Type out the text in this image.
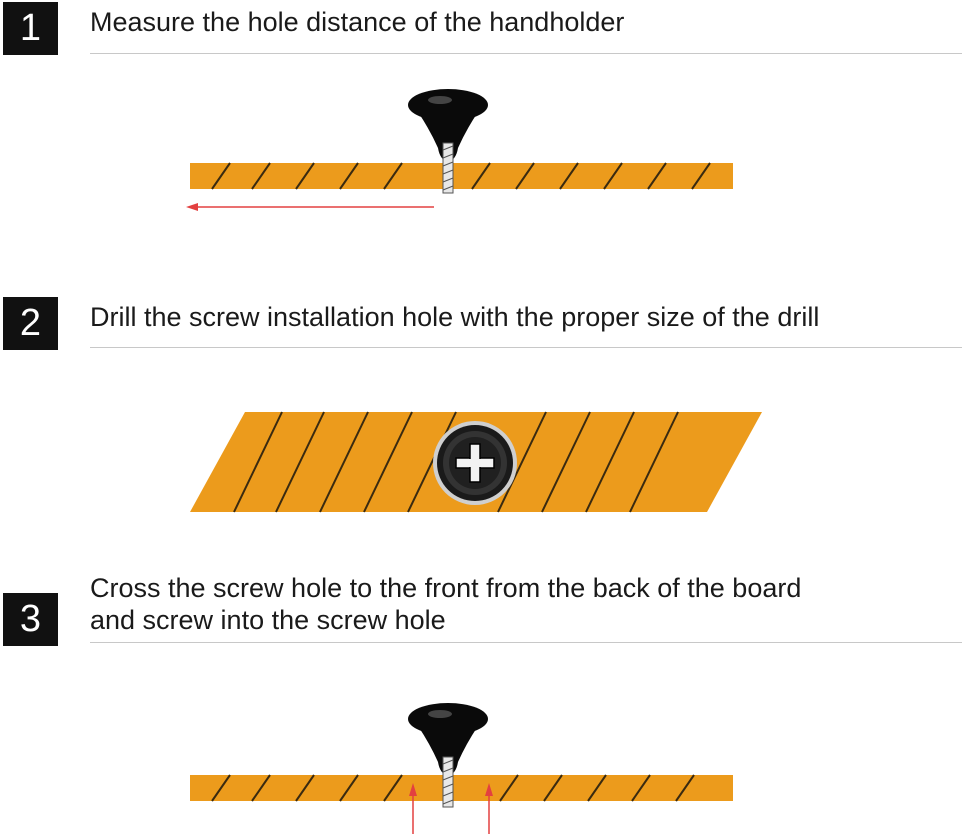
1	Measure the hole distance of the handholder
2	Drill the screw installation hole with the proper size of the drill
3
Cross the screw hole to the front from the back of the board
and screw into the screw hole
